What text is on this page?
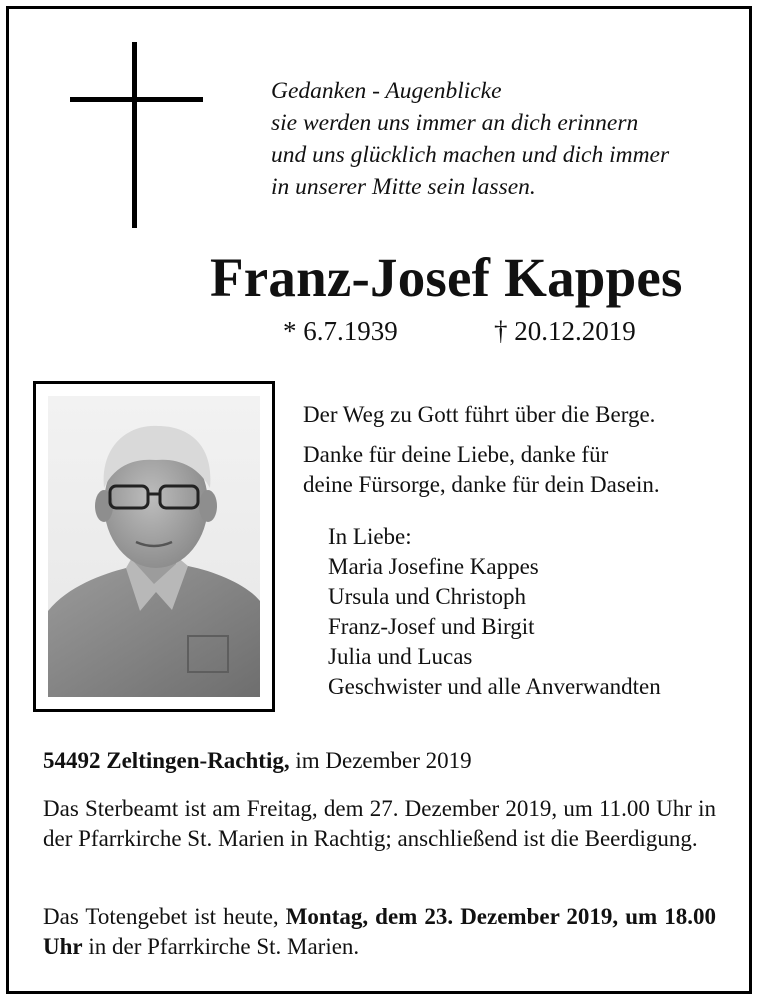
Gedanken - Augenblicke
sie werden uns immer an dich erinnern
und uns glücklich machen und dich immer
in unserer Mitte sein lassen.
Franz-Josef Kappes
* 6.7.1939	† 20.12.2019
Der Weg zu Gott führt über die Berge.
Danke für deine Liebe, danke für
deine Fürsorge, danke für dein Dasein.
In Liebe:
Maria Josefine Kappes
Ursula und Christoph
Franz-Josef und Birgit
Julia und Lucas
Geschwister und alle Anverwandten
54492 Zeltingen-Rachtig, im Dezember 2019
Das Sterbeamt ist am Freitag, dem 27. Dezember 2019, um 11.00 Uhr in der Pfarrkirche St. Marien in Rachtig; anschließend ist die Beerdigung.
Das Totengebet ist heute, Montag, dem 23. Dezember 2019, um 18.00 Uhr in der Pfarrkirche St. Marien.
